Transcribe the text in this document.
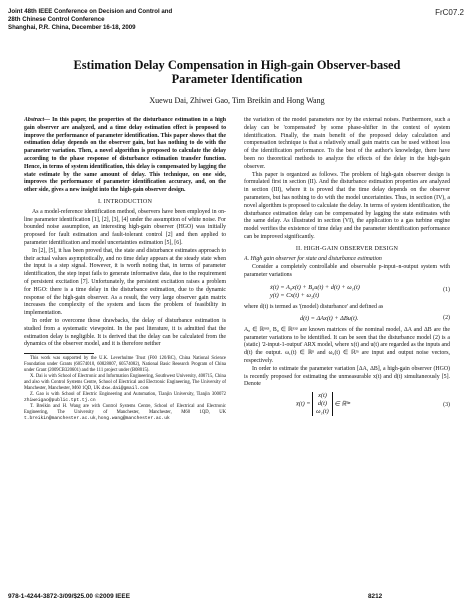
Joint 48th IEEE Conference on Decision and Control and
28th Chinese Control Conference
Shanghai, P.R. China, December 16-18, 2009
FrC07.2
Estimation Delay Compensation in High-gain Observer-based
Parameter Identification
Xuewu Dai, Zhiwei Gao, Tim Breikin and Hong Wang

Abstract— In this paper, the properties of the disturbance estimation in a high gain observer are analyzed, and a time delay estimation effect is proposed to improve the performance of parameter identification. This paper shows that the estimation delay depends on the observer gain, but has nothing to do with the parameter variation. Then, a novel algorithm is proposed to calculate the delay according to the phase response of disturbance estimation transfer function. Hence, in terms of system identification, this delay is compensated by lagging the state estimate by the same amount of delay. This technique, on one side, improves the performance of parameter identification accuracy, and, on the other side, gives a new insight into the high-gain observer design.

I. INTRODUCTION

As a model-reference identification method, observers have been employed in on-line parameter identification [1], [2], [3], [4] under the assumption of white noise. For bounded noise assumption, an interesting high-gain observer (HGO) was initially proposed for fault estimation and fault-tolerant control [2] and then applied to parameter identification and model uncertainties estimation [5], [6].

In [2], [5], it has been proved that, the state and disturbance estimates approach to their actual values asymptotically, and no time delay appears at the steady state when the input is a step signal. However, it is worth noting that, in terms of parameter identification, the step input fails to generate informative data, due to the requirement of persistent excitation [7]. Unfortunately, the persistent excitation raises a problem for HGO: there is a time delay in the disturbance estimation, due to the dynamic response of the high-gain observer. As a result, the very large observer gain matrix increases the complexity of the system and faces the problem of feasibility in implementation.

In order to overcome those drawbacks, the delay of disturbance estimation is studied from a systematic viewpoint. In the past literature, it is admitted that the estimation delay is negligible. It is derived that the delay can be calculated from the dynamics of the observer model, and it is therefore neither

This work was supported by the U.K. Leverhulme Trust (F00 120/BC), China National Science Foundation under Grants (60574010, 60828007, 60574082), National Basic Research Program of China under Grant (2009CB320601) and the 111 project under (B08015).

X. Dai is with School of Electronic and Information Engineering, Southwest University, 400715, China and also with Control Systems Centre, School of Electrical and Electronic Engineering, The University of Manchester, Manchester, M60 1QD, UK dxw.dai@gmail.com

Z. Gao is with School of Electric Engineering and Automation, Tianjin University, Tianjin 300072 zhiweigao@public.tpt.tj.cn

T. Breikin and H. Wang are with Control Systems Centre, School of Electrical and Electronic Engineering, The University of Manchester, Manchester, M60 1QD, UK t.breikin@manchester.ac.uk, hong.wang@manchester.ac.uk

the variation of the model parameters nor by the external noises. Furthermore, such a delay can be 'compensated' by some phase-shifter in the context of system identification. Finally, the main benefit of the proposed delay calculation and compensation technique is that a relatively small gain matrix can be used without loss of the identification performance. To the best of the author's knowledge, there have been no theoretical methods to analyze the effects of the delay in the high-gain observer.

This paper is organized as follows. The problem of high-gain observer design is formulated first in section (II). And the disturbance estimation properties are analyzed in section (III), where it is proved that the time delay depends on the observer parameters, but has nothing to do with the model uncertainties. Thus, in section (IV), a novel algorithm is proposed to calculate the delay. In terms of system identification, the disturbance estimation delay can be compensated by lagging the state estimates with the same delay. As illustrated in section (VI), the application to a gas turbine engine model verifies the existence of time delay and the parameter identification performance can be improved significantly.

II. HIGH-GAIN OBSERVER DESIGN
A. High gain observer for state and disturbance estimation

Consider a completely controllable and observable p-input–n-output system with parameter variations

ẋ(t) = A₀x(t) + B₀u(t) + d(t) + ω₁(t)
y(t) = Cx(t) + ω₂(t)
(1)

where d(t) is termed as '(model) disturbance' and defined as

d(t) = ΔAx(t) + ΔBu(t).	(2)

A₀ ∈ ℝⁿˣⁿ, B₀ ∈ ℝⁿˣᵖ are known matrices of the nominal model, ΔA and ΔB are the parameter variations to be identified. It can be seen that the disturbance model (2) is a (static) '2-input-1-output' ARX model, where x(t) and u(t) are regarded as the inputs and d(t) the output. ω₁(t) ∈ ℝⁿ and ω₂(t) ∈ ℝᵐ are input and output noise vectors, respectively.

In order to estimate the parameter variation [ΔA, ΔB], a high-gain observer (HGO) is recently proposed for estimating the unmeasurable x(t) and d(t) simultaneously [5]. Denote

x̄(t) =
x(t)
d(t)
ω₁(t)
∈ ℝ³ⁿ	(3)
978-1-4244-3872-3/09/$25.00 ©2009 IEEE	8212
